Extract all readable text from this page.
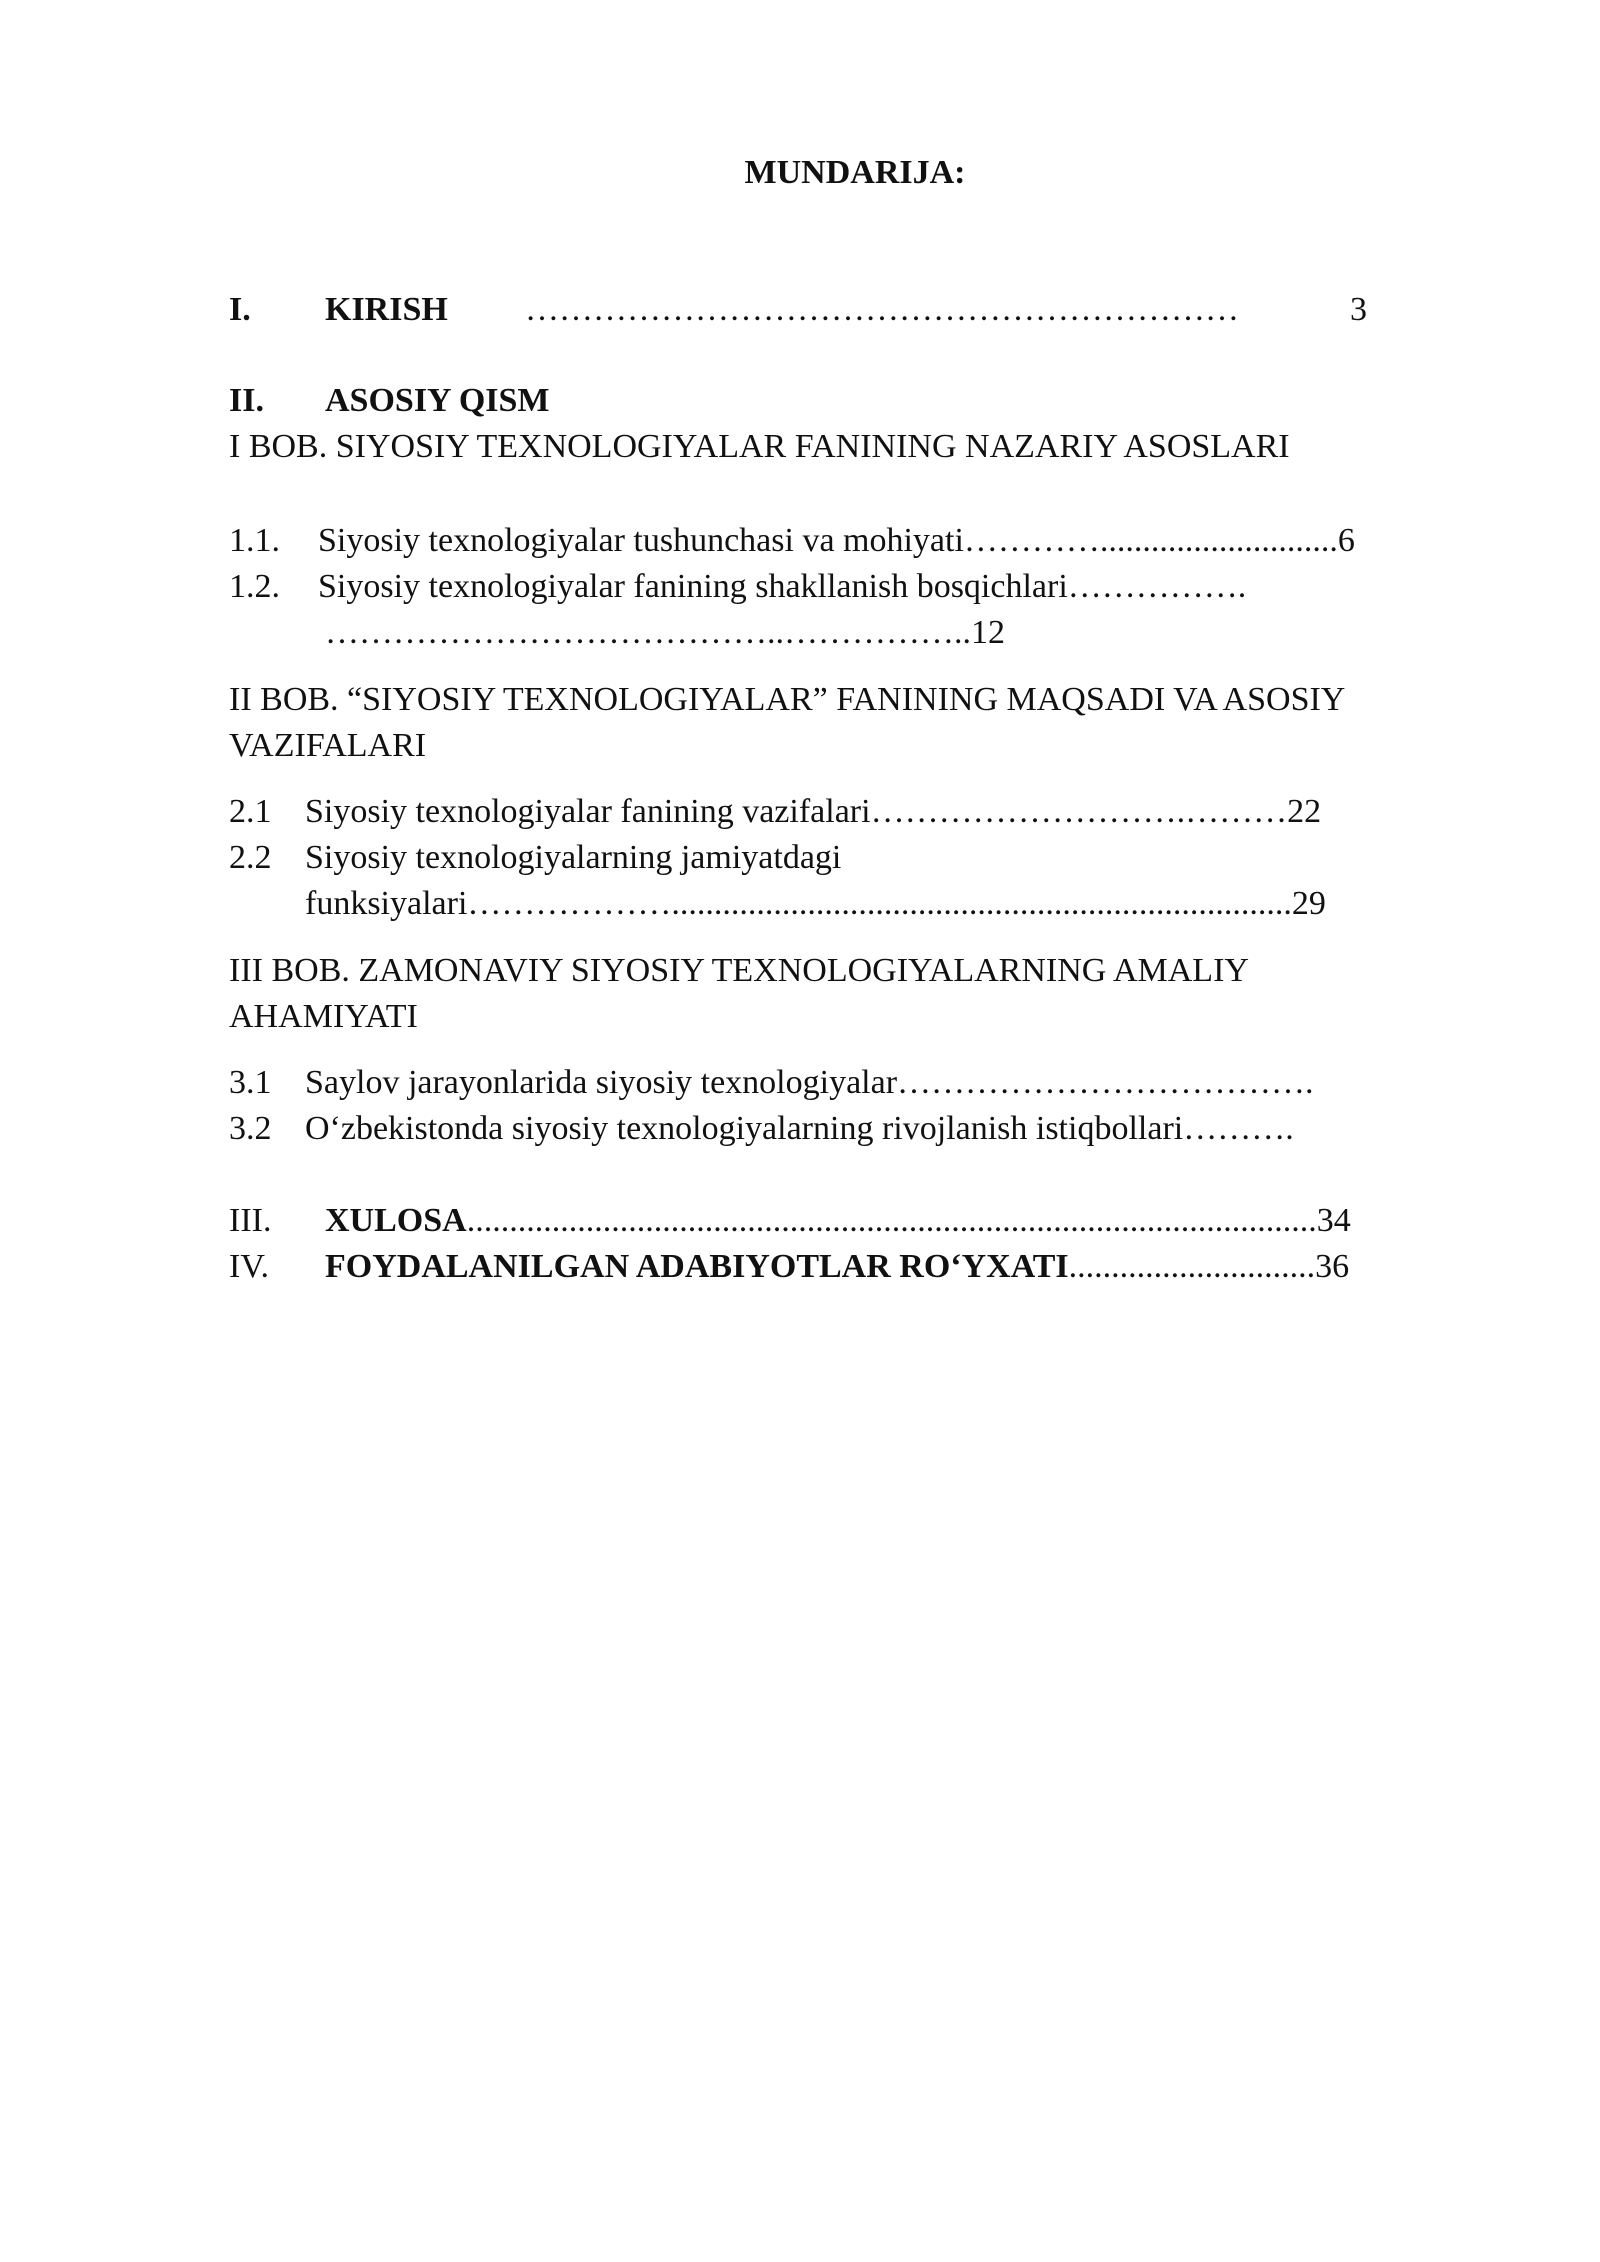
MUNDARIJA:
I. KIRISH ………………………………………………………	3
II. ASOSIY QISM
I BOB. SIYOSIY TEXNOLOGIYALAR FANINING NAZARIY ASOSLARI
1.1. Siyosiy texnologiyalar tushunchasi va mohiyati…………............................6
1.2. Siyosiy texnologiyalar fanining shakllanish bosqichlari…………….
…………………………………..……………..12
II BOB. “SIYOSIY TEXNOLOGIYALAR” FANINING MAQSADI VA ASOSIY
VAZIFALARI
2.1 Siyosiy texnologiyalar fanining vazifalari……………………….………22
2.2 Siyosiy texnologiyalarning jamiyatdagi
funksiyalari……………….........................................................................29
III BOB. ZAMONAVIY SIYOSIY TEXNOLOGIYALARNING AMALIY
AHAMIYATI
3.1 Saylov jarayonlarida siyosiy texnologiyalar……………………………….
3.2 O‘zbekistonda siyosiy texnologiyalarning rivojlanish istiqbollari……….
III. XULOSA....................................................................................................34
IV. FOYDALANILGAN ADABIYOTLAR RO‘YXATI.............................36
